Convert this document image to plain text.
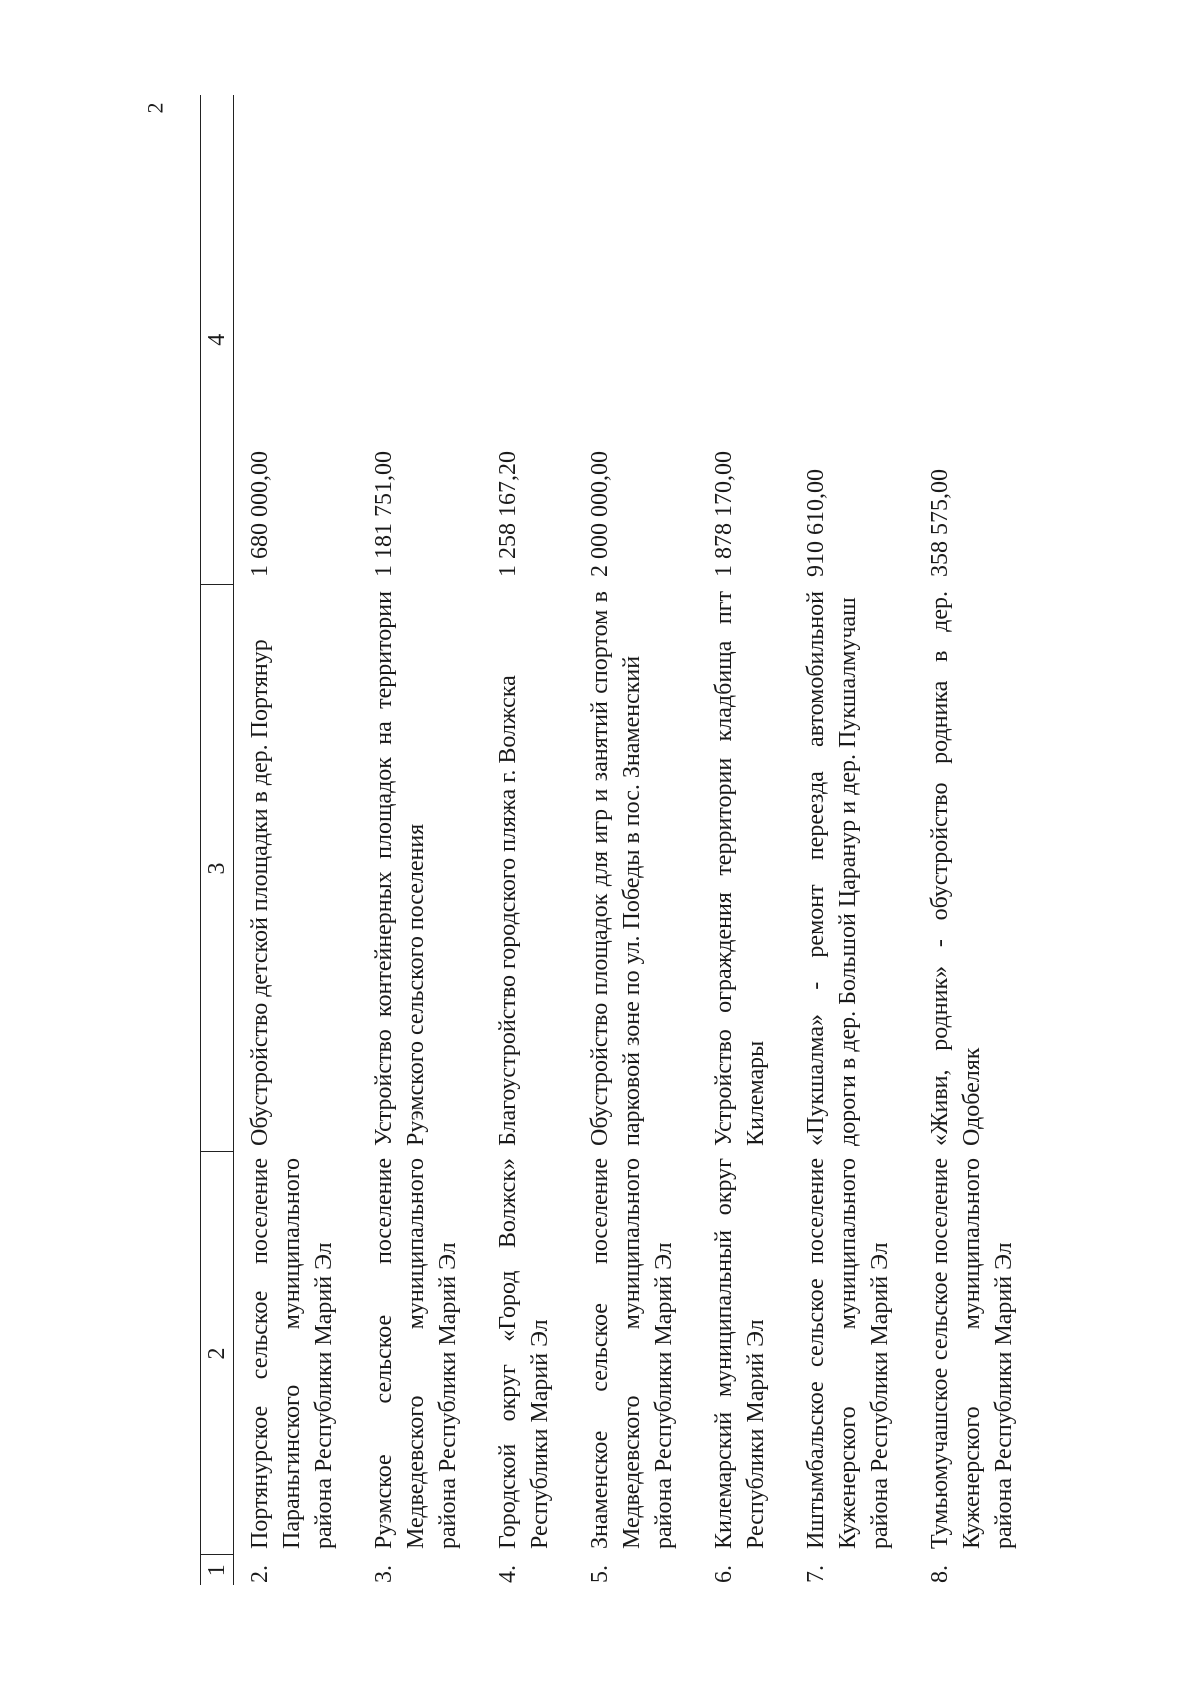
2
1	2	3	4
2.	Портянурское сельское поселение Параньгинского муниципального района Республики Марий Эл	Обустройство детской площадки в дер. Портянур	1 680 000,00
3.	Руэмское сельское поселение Медведевского муниципального района Республики Марий Эл	Устройство контейнерных площадок на территории Руэмского сельского поселения	1 181 751,00
4.	Городской округ «Город Волжск» Республики Марий Эл	Благоустройство городского пляжа г. Волжска	1 258 167,20
5.	Знаменское сельское поселение Медведевского муниципального района Республики Марий Эл	Обустройство площадок для игр и занятий спортом в парковой зоне по ул. Победы в пос. Знаменский	2 000 000,00
6.	Килемарский муниципальный округ Республики Марий Эл	Устройство ограждения территории кладбища пгт Килемары	1 878 170,00
7.	Иштымбальское сельское поселение Куженерского муниципального района Республики Марий Эл	«Пукшалма» - ремонт переезда автомобильной дороги в дер. Большой Царанур и дер. Пукшалмучаш	910 610,00
8.	Тумьюмучашское сельское поселение Куженерского муниципального района Республики Марий Эл	«Живи, родник» - обустройство родника в дер. Одобеляк	358 575,00
